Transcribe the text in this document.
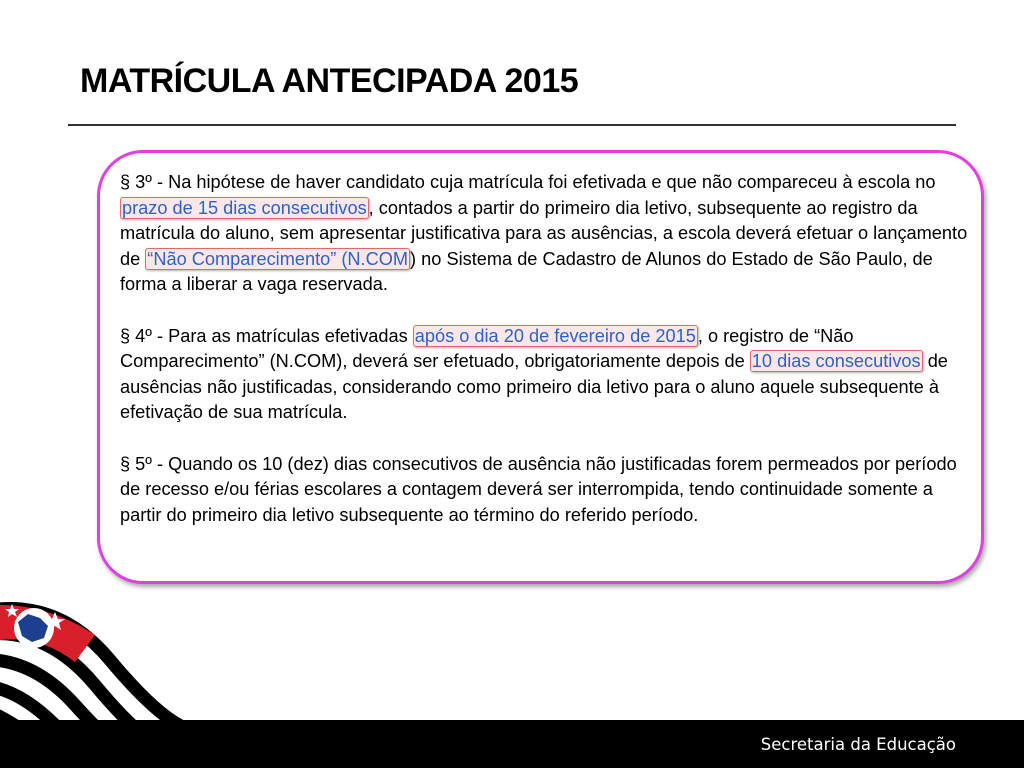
MATRÍCULA ANTECIPADA 2015

§ 3º - Na hipótese de haver candidato cuja matrícula foi efetivada e que não compareceu à escola no prazo de 15 dias consecutivos , contados a partir do primeiro dia letivo, subsequente ao registro da matrícula do aluno, sem apresentar justificativa para as ausências, a escola deverá efetuar o lançamento de “Não Comparecimento” (N.COM ) no Sistema de Cadastro de Alunos do Estado de São Paulo, de forma a liberar a vaga reservada.

§ 4º - Para as matrículas efetivadas após o dia 20 de fevereiro de 2015 , o registro de “Não Comparecimento” (N.COM), deverá ser efetuado, obrigatoriamente depois de 10 dias consecutivos de ausências não justificadas, considerando como primeiro dia letivo para o aluno aquele subsequente à efetivação de sua matrícula.

§ 5º - Quando os 10 (dez) dias consecutivos de ausência não justificadas forem permeados por período de recesso e/ou férias escolares a contagem deverá ser interrompida, tendo continuidade somente a partir do primeiro dia letivo subsequente ao término do referido período.

Secretaria da Educação
